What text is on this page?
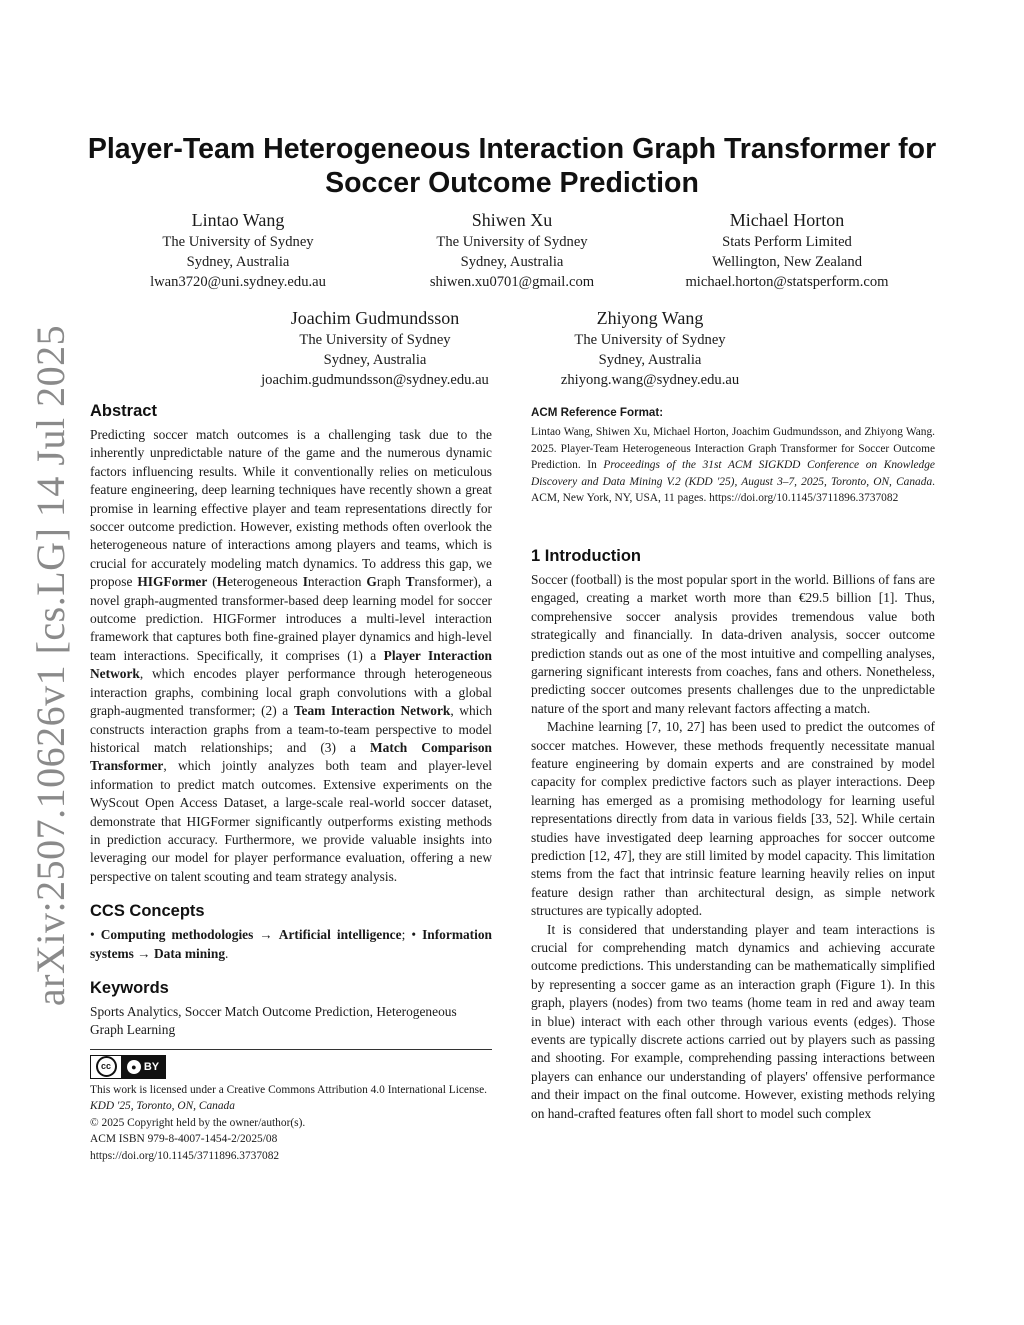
arXiv:2507.10626v1 [cs.LG] 14 Jul 2025
Player-Team Heterogeneous Interaction Graph Transformer for
Soccer Outcome Prediction
Lintao Wang
The University of Sydney
Sydney, Australia
lwan3720@uni.sydney.edu.au
Shiwen Xu
The University of Sydney
Sydney, Australia
shiwen.xu0701@gmail.com
Michael Horton
Stats Perform Limited
Wellington, New Zealand
michael.horton@statsperform.com
Joachim Gudmundsson
The University of Sydney
Sydney, Australia
joachim.gudmundsson@sydney.edu.au
Zhiyong Wang
The University of Sydney
Sydney, Australia
zhiyong.wang@sydney.edu.au
Abstract

Predicting soccer match outcomes is a challenging task due to the inherently unpredictable nature of the game and the numerous dynamic factors influencing results. While it conventionally relies on meticulous feature engineering, deep learning techniques have recently shown a great promise in learning effective player and team representations directly for soccer outcome prediction. However, existing methods often overlook the heterogeneous nature of interactions among players and teams, which is crucial for accurately modeling match dynamics. To address this gap, we propose HIGFormer (Heterogeneous Interaction Graph Transformer), a novel graph-augmented transformer-based deep learning model for soccer outcome prediction. HIGFormer introduces a multi-level interaction framework that captures both fine-grained player dynamics and high-level team interactions. Specifically, it comprises (1) a Player Interaction Network, which encodes player performance through heterogeneous interaction graphs, combining local graph convolutions with a global graph-augmented transformer; (2) a Team Interaction Network, which constructs interaction graphs from a team-to-team perspective to model historical match relationships; and (3) a Match Comparison Transformer, which jointly analyzes both team and player-level information to predict match outcomes. Extensive experiments on the WyScout Open Access Dataset, a large-scale real-world soccer dataset, demonstrate that HIGFormer significantly outperforms existing methods in prediction accuracy. Furthermore, we provide valuable insights into leveraging our model for player performance evaluation, offering a new perspective on talent scouting and team strategy analysis.

CCS Concepts

• Computing methodologies → Artificial intelligence; • Information systems → Data mining.

Keywords

Sports Analytics, Soccer Match Outcome Prediction, Heterogeneous Graph Learning

cc	● BY
This work is licensed under a Creative Commons Attribution 4.0 International License.
KDD '25, Toronto, ON, Canada
© 2025 Copyright held by the owner/author(s).
ACM ISBN 979-8-4007-1454-2/2025/08
https://doi.org/10.1145/3711896.3737082
ACM Reference Format:

Lintao Wang, Shiwen Xu, Michael Horton, Joachim Gudmundsson, and Zhiyong Wang. 2025. Player-Team Heterogeneous Interaction Graph Transformer for Soccer Outcome Prediction. In Proceedings of the 31st ACM SIGKDD Conference on Knowledge Discovery and Data Mining V.2 (KDD '25), August 3–7, 2025, Toronto, ON, Canada. ACM, New York, NY, USA, 11 pages. https://doi.org/10.1145/3711896.3737082

1 Introduction

Soccer (football) is the most popular sport in the world. Billions of fans are engaged, creating a market worth more than €29.5 billion [1]. Thus, comprehensive soccer analysis provides tremendous value both strategically and financially. In data-driven analysis, soccer outcome prediction stands out as one of the most intuitive and compelling analyses, garnering significant interests from coaches, fans and others. Nonetheless, predicting soccer outcomes presents challenges due to the unpredictable nature of the sport and many relevant factors affecting a match.

Machine learning [7, 10, 27] has been used to predict the outcomes of soccer matches. However, these methods frequently necessitate manual feature engineering by domain experts and are constrained by model capacity for complex predictive factors such as player interactions. Deep learning has emerged as a promising methodology for learning useful representations directly from data in various fields [33, 52]. While certain studies have investigated deep learning approaches for soccer outcome prediction [12, 47], they are still limited by model capacity. This limitation stems from the fact that intrinsic feature learning heavily relies on input feature design rather than architectural design, as simple network structures are typically adopted.

It is considered that understanding player and team interactions is crucial for comprehending match dynamics and achieving accurate outcome predictions. This understanding can be mathematically simplified by representing a soccer game as an interaction graph (Figure 1). In this graph, players (nodes) from two teams (home team in red and away team in blue) interact with each other through various events (edges). Those events are typically discrete actions carried out by players such as passing and shooting. For example, comprehending passing interactions between players can enhance our understanding of players' offensive performance and their impact on the final outcome. However, existing methods relying on hand-crafted features often fall short to model such complex
